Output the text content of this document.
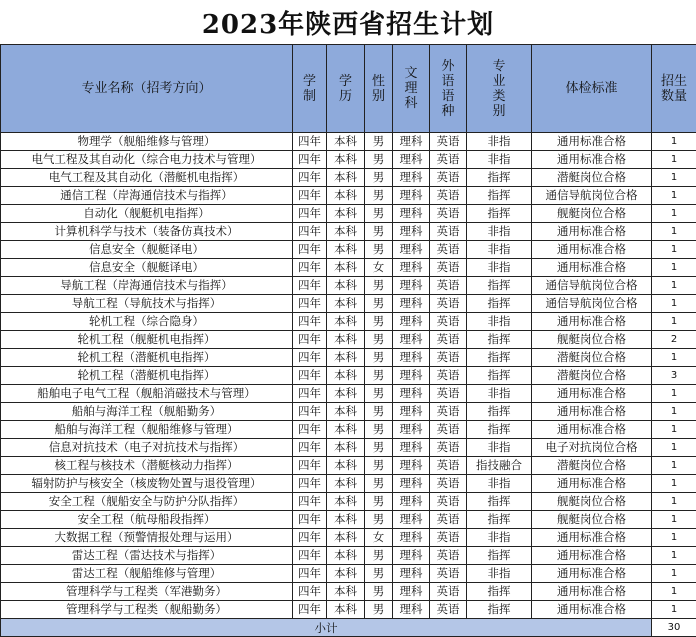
2023年陕西省招生计划
专业名称（招考方向）	学制	学历	性别	文理科	外语语种	专业类别	体检标准	招生数量
物理学（舰船维修与管理）	四年	本科	男	理科	英语	非指	通用标准合格	1
电气工程及其自动化（综合电力技术与管理）	四年	本科	男	理科	英语	非指	通用标准合格	1
电气工程及其自动化（潜艇机电指挥）	四年	本科	男	理科	英语	指挥	潜艇岗位合格	1
通信工程（岸海通信技术与指挥）	四年	本科	男	理科	英语	指挥	通信导航岗位合格	1
自动化（舰艇机电指挥）	四年	本科	男	理科	英语	指挥	舰艇岗位合格	1
计算机科学与技术（装备仿真技术）	四年	本科	男	理科	英语	非指	通用标准合格	1
信息安全（舰艇译电）	四年	本科	男	理科	英语	非指	通用标准合格	1
信息安全（舰艇译电）	四年	本科	女	理科	英语	非指	通用标准合格	1
导航工程（岸海通信技术与指挥）	四年	本科	男	理科	英语	指挥	通信导航岗位合格	1
导航工程（导航技术与指挥）	四年	本科	男	理科	英语	指挥	通信导航岗位合格	1
轮机工程（综合隐身）	四年	本科	男	理科	英语	非指	通用标准合格	1
轮机工程（舰艇机电指挥）	四年	本科	男	理科	英语	指挥	舰艇岗位合格	2
轮机工程（潜艇机电指挥）	四年	本科	男	理科	英语	指挥	潜艇岗位合格	1
轮机工程（潜艇机电指挥）	四年	本科	男	理科	英语	指挥	潜艇岗位合格	3
船舶电子电气工程（舰船消磁技术与管理）	四年	本科	男	理科	英语	非指	通用标准合格	1
船舶与海洋工程（舰船勤务）	四年	本科	男	理科	英语	指挥	通用标准合格	1
船舶与海洋工程（舰船维修与管理）	四年	本科	男	理科	英语	指挥	通用标准合格	1
信息对抗技术（电子对抗技术与指挥）	四年	本科	男	理科	英语	非指	电子对抗岗位合格	1
核工程与核技术（潜艇核动力指挥）	四年	本科	男	理科	英语	指技融合	潜艇岗位合格	1
辐射防护与核安全（核废物处置与退役管理）	四年	本科	男	理科	英语	非指	通用标准合格	1
安全工程（舰船安全与防护分队指挥）	四年	本科	男	理科	英语	指挥	舰艇岗位合格	1
安全工程（航母船段指挥）	四年	本科	男	理科	英语	指挥	舰艇岗位合格	1
大数据工程（预警情报处理与运用）	四年	本科	女	理科	英语	非指	通用标准合格	1
雷达工程（雷达技术与指挥）	四年	本科	男	理科	英语	指挥	通用标准合格	1
雷达工程（舰船维修与管理）	四年	本科	男	理科	英语	非指	通用标准合格	1
管理科学与工程类（军港勤务）	四年	本科	男	理科	英语	指挥	通用标准合格	1
管理科学与工程类（舰船勤务）	四年	本科	男	理科	英语	指挥	通用标准合格	1
小计								30
